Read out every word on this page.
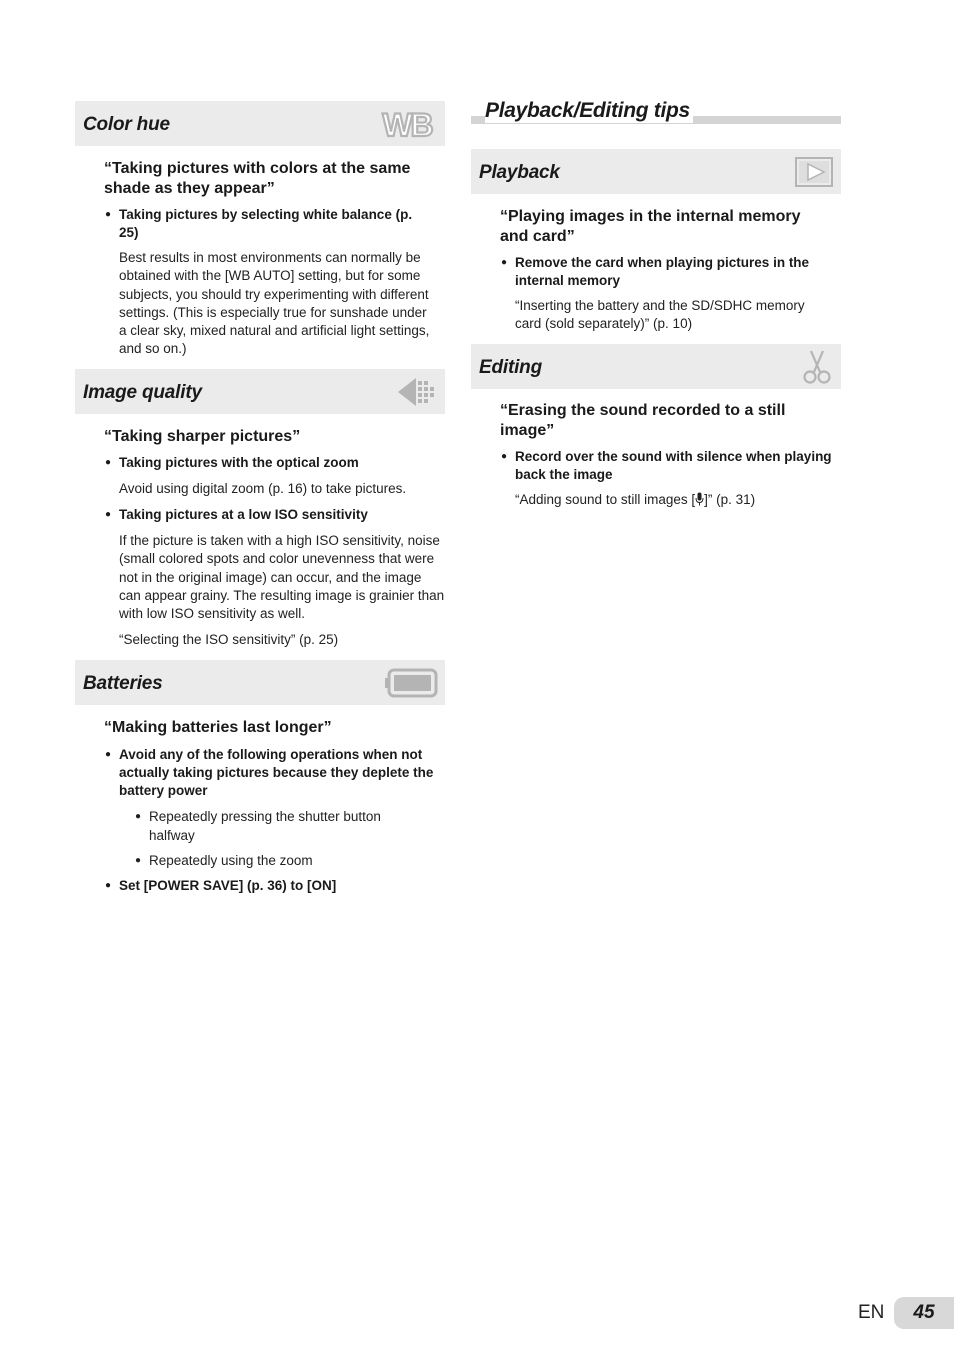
Color hue	WB
“Taking pictures with colors at the same shade as they appear”
● Taking pictures by selecting white balance (p. 25)
Best results in most environments can normally be obtained with the [WB AUTO] setting, but for some subjects, you should try experimenting with different settings. (This is especially true for sunshade under a clear sky, mixed natural and artificial light settings, and so on.)
Image quality
“Taking sharper pictures”
● Taking pictures with the optical zoom
Avoid using digital zoom (p. 16) to take pictures.
● Taking pictures at a low ISO sensitivity
If the picture is taken with a high ISO sensitivity, noise (small colored spots and color unevenness that were not in the original image) can occur, and the image can appear grainy. The resulting image is grainier than with low ISO sensitivity as well.
“Selecting the ISO sensitivity” (p. 25)
Batteries
“Making batteries last longer”
● Avoid any of the following operations when not actually taking pictures because they deplete the battery power
● Repeatedly pressing the shutter button halfway
● Repeatedly using the zoom
● Set [POWER SAVE] (p. 36) to [ON]
Playback/Editing tips
Playback
“Playing images in the internal memory and card”
● Remove the card when playing pictures in the internal memory
“Inserting the battery and the SD/SDHC memory card (sold separately)” (p. 10)
Editing
“Erasing the sound recorded to a still image”
● Record over the sound with silence when playing back the image
“Adding sound to still images [ ]” (p. 31)
EN	45
